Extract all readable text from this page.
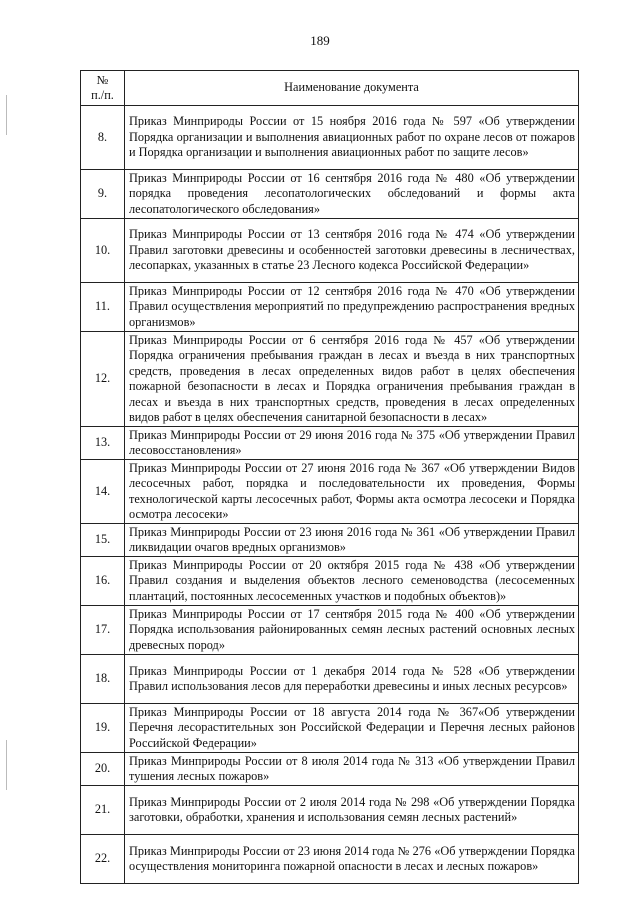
189
№
п./п.	Наименование документа
8.	Приказ Минприроды России от 15 ноября 2016 года № 597 «Об утверждении Порядка организации и выполнения авиационных работ по охране лесов от пожаров и Порядка организации и выполнения авиационных работ по защите лесов»
9.	Приказ Минприроды России от 16 сентября 2016 года № 480 «Об утверждении порядка проведения лесопатологических обследований и формы акта лесопатологического обследования»
10.	Приказ Минприроды России от 13 сентября 2016 года № 474 «Об утверждении Правил заготовки древесины и особенностей заготовки древесины в лесничествах, лесопарках, указанных в статье 23 Лесного кодекса Российской Федерации»
11.	Приказ Минприроды России от 12 сентября 2016 года № 470 «Об утверждении Правил осуществления мероприятий по предупреждению распространения вредных организмов»
12.	Приказ Минприроды России от 6 сентября 2016 года № 457 «Об утверждении Порядка ограничения пребывания граждан в лесах и въезда в них транспортных средств, проведения в лесах определенных видов работ в целях обеспечения пожарной безопасности в лесах и Порядка ограничения пребывания граждан в лесах и въезда в них транспортных средств, проведения в лесах определенных видов работ в целях обеспечения санитарной безопасности в лесах»
13.	Приказ Минприроды России от 29 июня 2016 года № 375 «Об утверждении Правил лесовосстановления»
14.	Приказ Минприроды России от 27 июня 2016 года № 367 «Об утверждении Видов лесосечных работ, порядка и последовательности их проведения, Формы технологической карты лесосечных работ, Формы акта осмотра лесосеки и Порядка осмотра лесосеки»
15.	Приказ Минприроды России от 23 июня 2016 года № 361 «Об утверждении Правил ликвидации очагов вредных организмов»
16.	Приказ Минприроды России от 20 октября 2015 года № 438 «Об утверждении Правил создания и выделения объектов лесного семеноводства (лесосеменных плантаций, постоянных лесосеменных участков и подобных объектов)»
17.	Приказ Минприроды России от 17 сентября 2015 года № 400 «Об утверждении Порядка использования районированных семян лесных растений основных лесных древесных пород»
18.	Приказ Минприроды России от 1 декабря 2014 года № 528 «Об утверждении Правил использования лесов для переработки древесины и иных лесных ресурсов»
19.	Приказ Минприроды России от 18 августа 2014 года № 367«Об утверждении Перечня лесорастительных зон Российской Федерации и Перечня лесных районов Российской Федерации»
20.	Приказ Минприроды России от 8 июля 2014 года № 313 «Об утверждении Правил тушения лесных пожаров»
21.	Приказ Минприроды России от 2 июля 2014 года № 298 «Об утверждении Порядка заготовки, обработки, хранения и использования семян лесных растений»
22.	Приказ Минприроды России от 23 июня 2014 года № 276 «Об утверждении Порядка осуществления мониторинга пожарной опасности в лесах и лесных пожаров»
